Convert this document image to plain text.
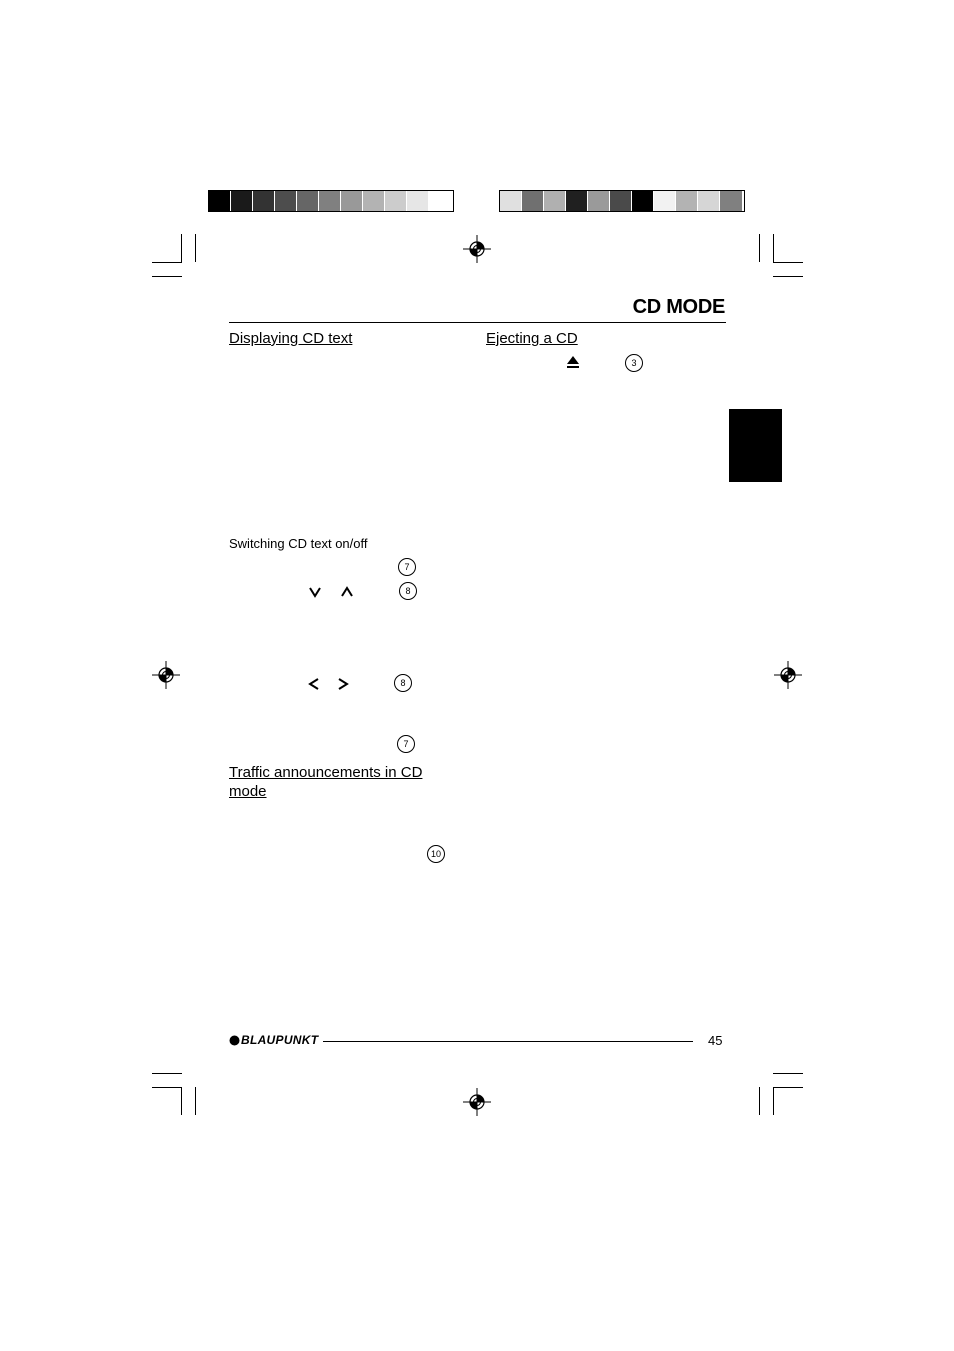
CD MODE
Displaying CD text
Switching CD text on/off
7
8
8
7
Traffic announcements in CD mode
10
Ejecting a CD
3
BLAUPUNKT	45
